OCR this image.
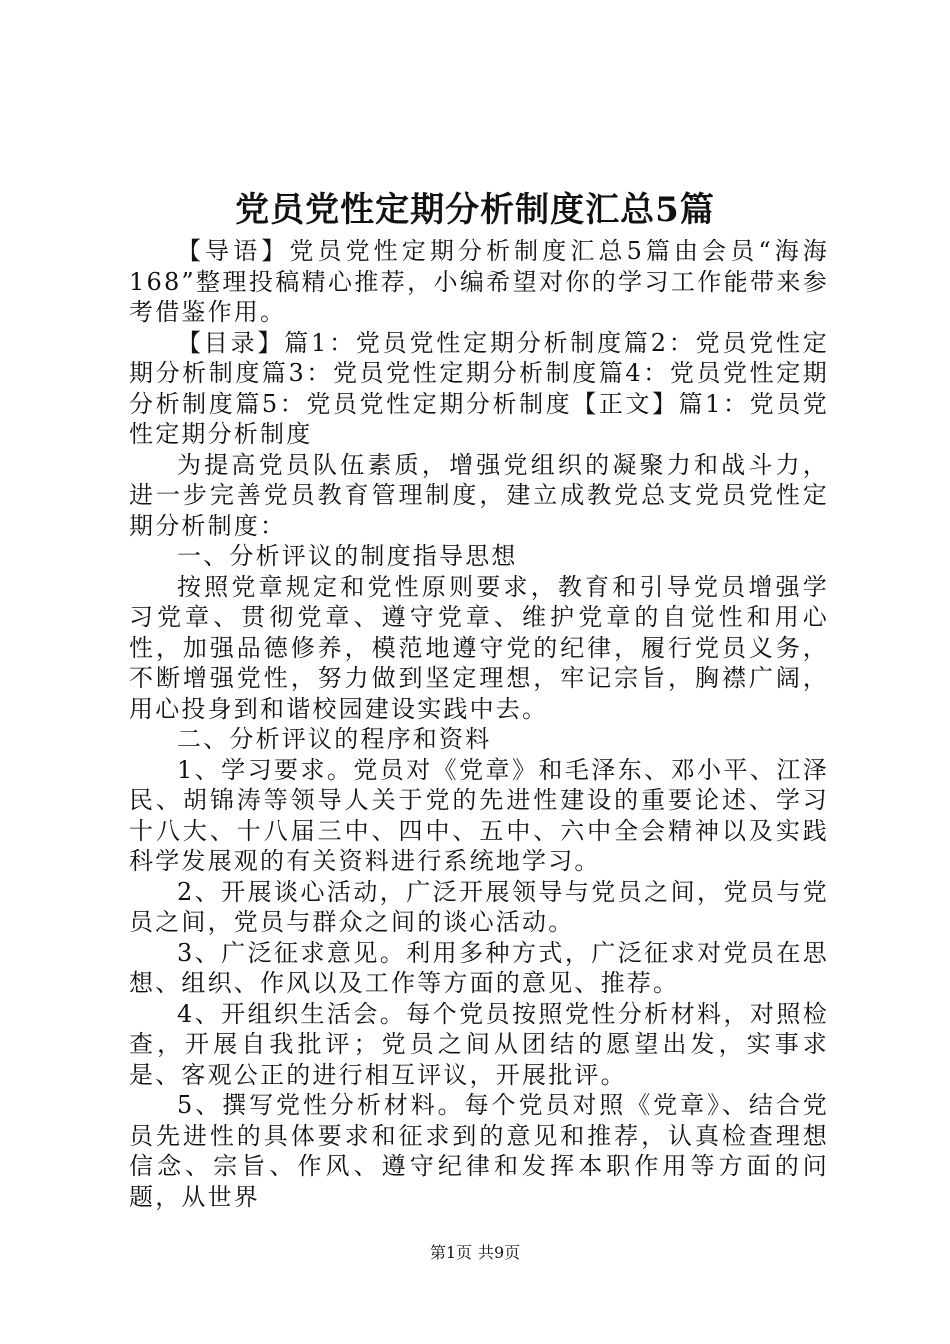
党员党性定期分析制度汇总5篇

【导语】党员党性定期分析制度汇总5篇由会员“海海168”整理投稿精心推荐，小编希望对你的学习工作能带来参考借鉴作用。

【目录】篇1：党员党性定期分析制度篇2：党员党性定期分析制度篇3：党员党性定期分析制度篇4：党员党性定期分析制度篇5：党员党性定期分析制度【正文】篇1：党员党性定期分析制度

为提高党员队伍素质，增强党组织的凝聚力和战斗力，进一步完善党员教育管理制度，建立成教党总支党员党性定期分析制度：

一、分析评议的制度指导思想

按照党章规定和党性原则要求，教育和引导党员增强学习党章、贯彻党章、遵守党章、维护党章的自觉性和用心性，加强品德修养，模范地遵守党的纪律，履行党员义务，不断增强党性，努力做到坚定理想，牢记宗旨，胸襟广阔，用心投身到和谐校园建设实践中去。

二、分析评议的程序和资料

1、学习要求。党员对《党章》和毛泽东、邓小平、江泽民、胡锦涛等领导人关于党的先进性建设的重要论述、学习十八大、十八届三中、四中、五中、六中全会精神以及实践科学发展观的有关资料进行系统地学习。

2、开展谈心活动，广泛开展领导与党员之间，党员与党员之间，党员与群众之间的谈心活动。

3、广泛征求意见。利用多种方式，广泛征求对党员在思想、组织、作风以及工作等方面的意见、推荐。

4、开组织生活会。每个党员按照党性分析材料，对照检查，开展自我批评；党员之间从团结的愿望出发，实事求是、客观公正的进行相互评议，开展批评。

5、撰写党性分析材料。每个党员对照《党章》、结合党员先进性的具体要求和征求到的意见和推荐，认真检查理想信念、宗旨、作风、遵守纪律和发挥本职作用等方面的问题，从世界

第1页 共9页
